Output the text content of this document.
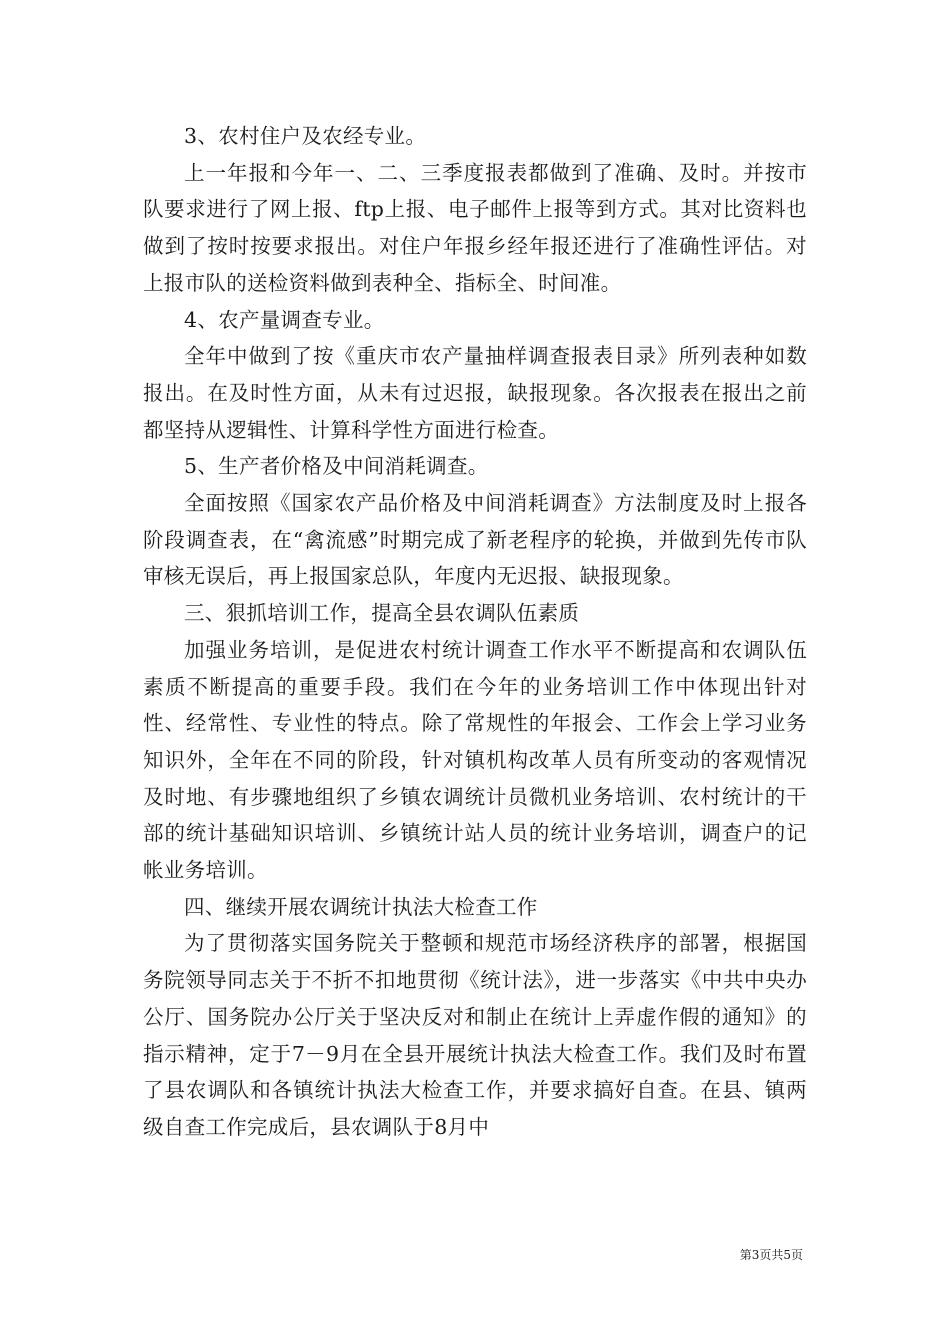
3、农村住户及农经专业。

上一年报和今年一、二、三季度报表都做到了准确、及时。并按市队要求进行了网上报、ftp上报、电子邮件上报等到方式。其对比资料也做到了按时按要求报出。对住户年报乡经年报还进行了准确性评估。对上报市队的送检资料做到表种全、指标全、时间准。

4、农产量调查专业。

全年中做到了按《重庆市农产量抽样调查报表目录》所列表种如数报出。在及时性方面，从未有过迟报，缺报现象。各次报表在报出之前都坚持从逻辑性、计算科学性方面进行检查。

5、生产者价格及中间消耗调查。

全面按照《国家农产品价格及中间消耗调查》方法制度及时上报各阶段调查表，在“禽流感”时期完成了新老程序的轮换，并做到先传市队审核无误后，再上报国家总队，年度内无迟报、缺报现象。

三、狠抓培训工作，提高全县农调队伍素质

加强业务培训，是促进农村统计调查工作水平不断提高和农调队伍素质不断提高的重要手段。我们在今年的业务培训工作中体现出针对性、经常性、专业性的特点。除了常规性的年报会、工作会上学习业务知识外，全年在不同的阶段，针对镇机构改革人员有所变动的客观情况及时地、有步骤地组织了乡镇农调统计员微机业务培训、农村统计的干部的统计基础知识培训、乡镇统计站人员的统计业务培训，调查户的记帐业务培训。

四、继续开展农调统计执法大检查工作

为了贯彻落实国务院关于整顿和规范市场经济秩序的部署，根据国务院领导同志关于不折不扣地贯彻《统计法》，进一步落实《中共中央办公厅、国务院办公厅关于坚决反对和制止在统计上弄虚作假的通知》的指示精神，定于7－9月在全县开展统计执法大检查工作。我们及时布置了县农调队和各镇统计执法大检查工作，并要求搞好自查。在县、镇两级自查工作完成后，县农调队于8月中

第3页共5页
